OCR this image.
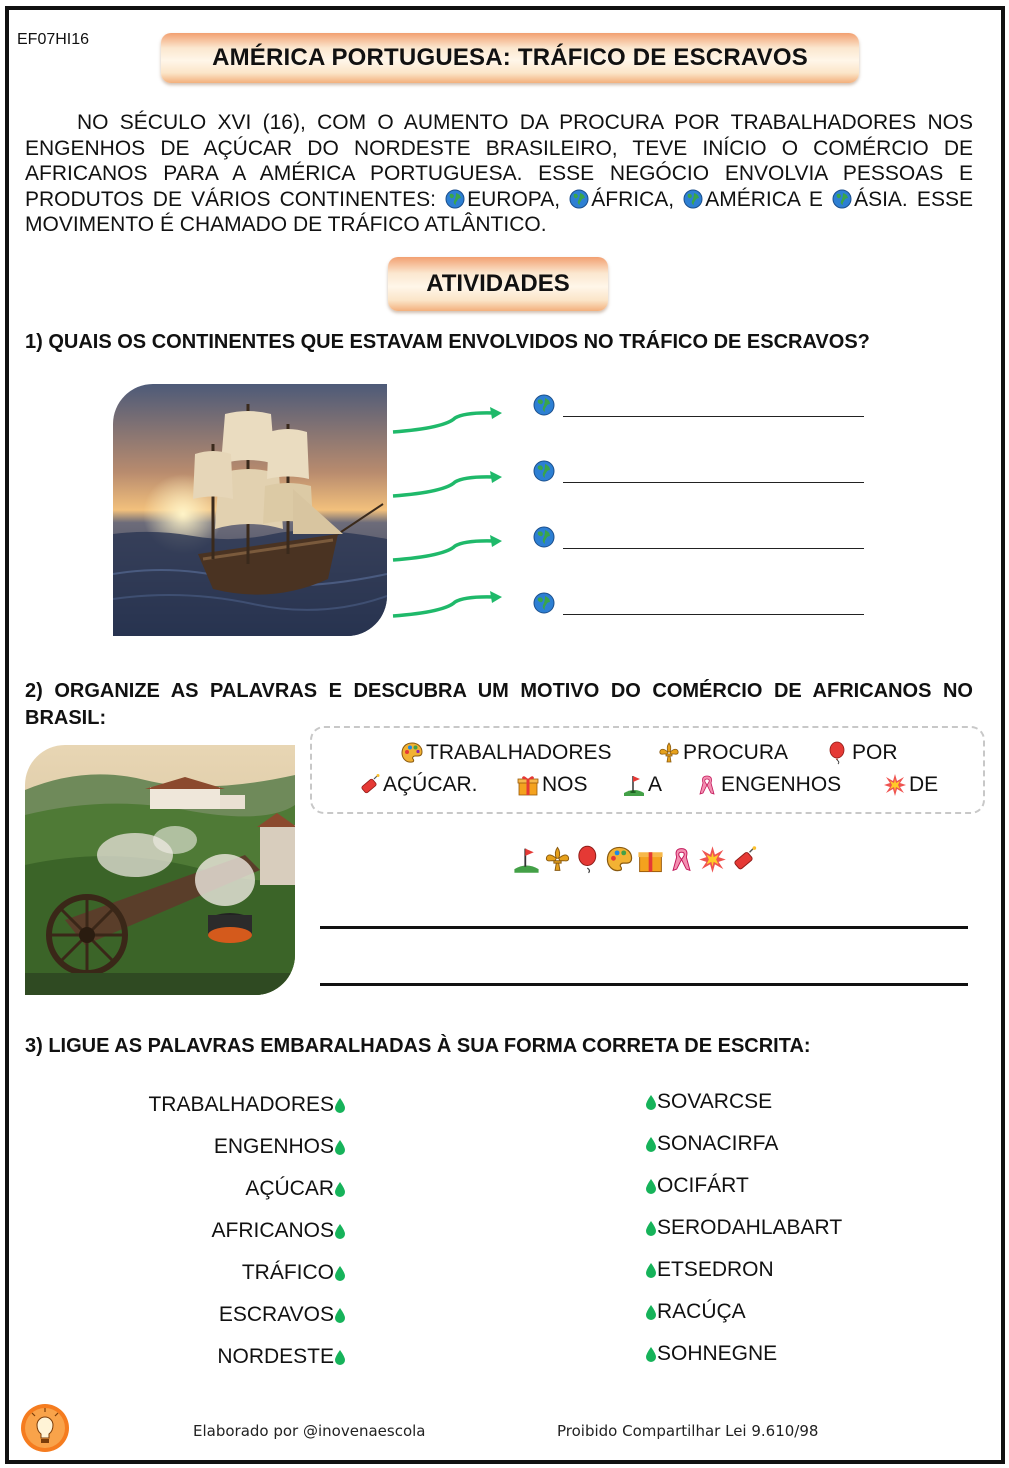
EF07HI16
AMÉRICA PORTUGUESA: TRÁFICO DE ESCRAVOS
NO SÉCULO XVI (16), COM O AUMENTO DA PROCURA POR TRABALHADORES NOS ENGENHOS DE AÇÚCAR DO NORDESTE BRASILEIRO, TEVE INÍCIO O COMÉRCIO DE AFRICANOS PARA A AMÉRICA PORTUGUESA. ESSE NEGÓCIO ENVOLVIA PESSOAS E PRODUTOS DE VÁRIOS CONTINENTES: EUROPA, ÁFRICA, AMÉRICA E ÁSIA. ESSE MOVIMENTO É CHAMADO DE TRÁFICO ATLÂNTICO.
ATIVIDADES
1) QUAIS OS CONTINENTES QUE ESTAVAM ENVOLVIDOS NO TRÁFICO DE ESCRAVOS?
2) ORGANIZE AS PALAVRAS E DESCUBRA UM MOTIVO DO COMÉRCIO DE AFRICANOS NO BRASIL:
TRABALHADORES	PROCURA	POR
AÇÚCAR.	NOS	A	ENGENHOS	DE
3) LIGUE AS PALAVRAS EMBARALHADAS À SUA FORMA CORRETA DE ESCRITA:
TRABALHADORES
ENGENHOS
AÇÚCAR
AFRICANOS
TRÁFICO
ESCRAVOS
NORDESTE
SOVARCSE
SONACIRFA
OCIFÁRT
SERODAHLABART
ETSEDRON
RACÚÇA
SOHNEGNE
Elaborado por @inovenaescola	Proibido Compartilhar Lei 9.610/98
